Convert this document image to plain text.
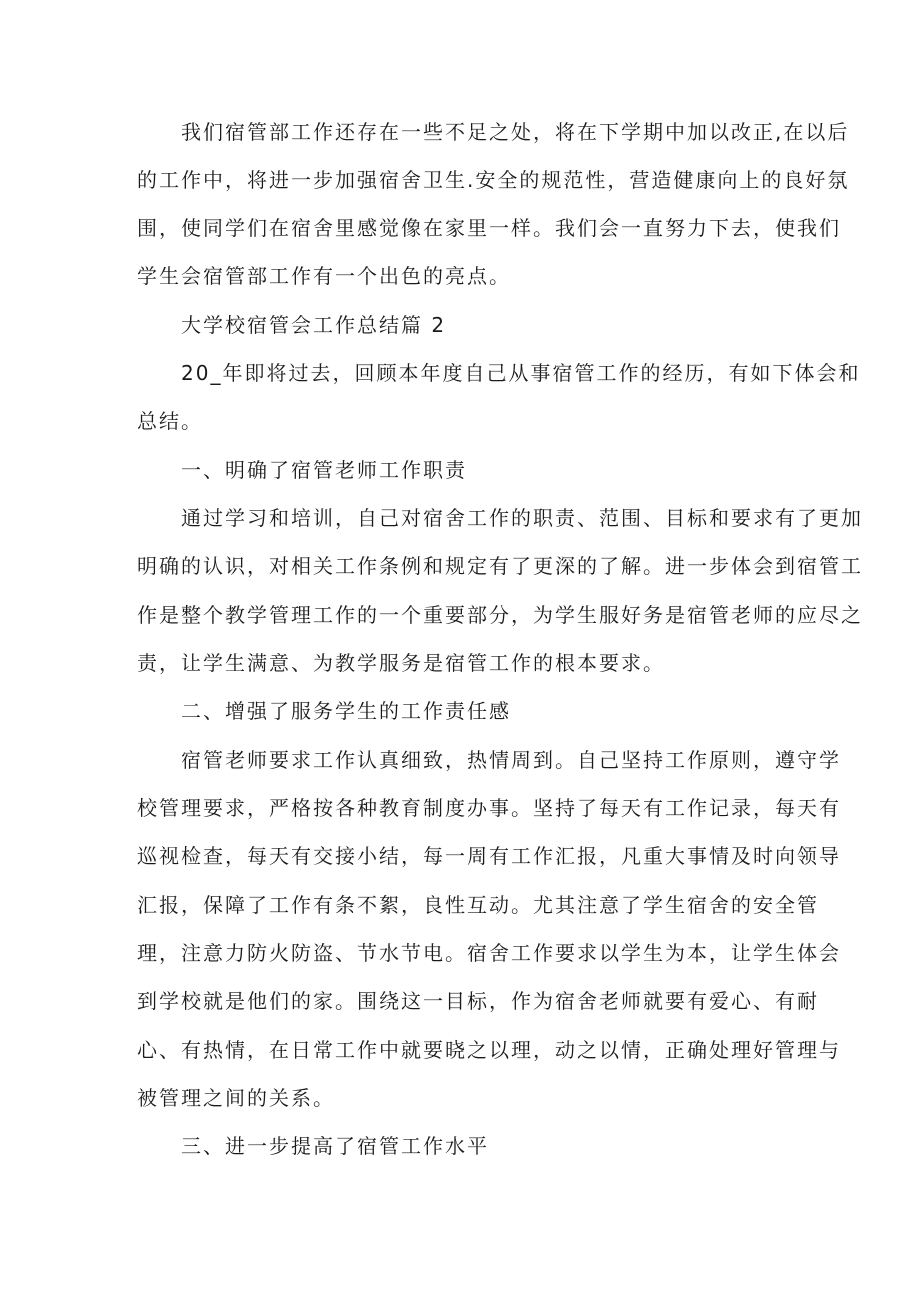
我们宿管部工作还存在一些不足之处，将在下学期中加以改正,在以后

的工作中，将进一步加强宿舍卫生.安全的规范性，营造健康向上的良好氛

围，使同学们在宿舍里感觉像在家里一样。我们会一直努力下去，使我们

学生会宿管部工作有一个出色的亮点。

大学校宿管会工作总结篇 2

20_年即将过去，回顾本年度自己从事宿管工作的经历，有如下体会和

总结。

一、明确了宿管老师工作职责

通过学习和培训，自己对宿舍工作的职责、范围、目标和要求有了更加

明确的认识，对相关工作条例和规定有了更深的了解。进一步体会到宿管工

作是整个教学管理工作的一个重要部分，为学生服好务是宿管老师的应尽之

责，让学生满意、为教学服务是宿管工作的根本要求。

二、增强了服务学生的工作责任感

宿管老师要求工作认真细致，热情周到。自己坚持工作原则，遵守学

校管理要求，严格按各种教育制度办事。坚持了每天有工作记录，每天有

巡视检查，每天有交接小结，每一周有工作汇报，凡重大事情及时向领导

汇报，保障了工作有条不絮，良性互动。尤其注意了学生宿舍的安全管

理，注意力防火防盗、节水节电。宿舍工作要求以学生为本，让学生体会

到学校就是他们的家。围绕这一目标，作为宿舍老师就要有爱心、有耐

心、有热情，在日常工作中就要晓之以理，动之以情，正确处理好管理与

被管理之间的关系。

三、进一步提高了宿管工作水平
